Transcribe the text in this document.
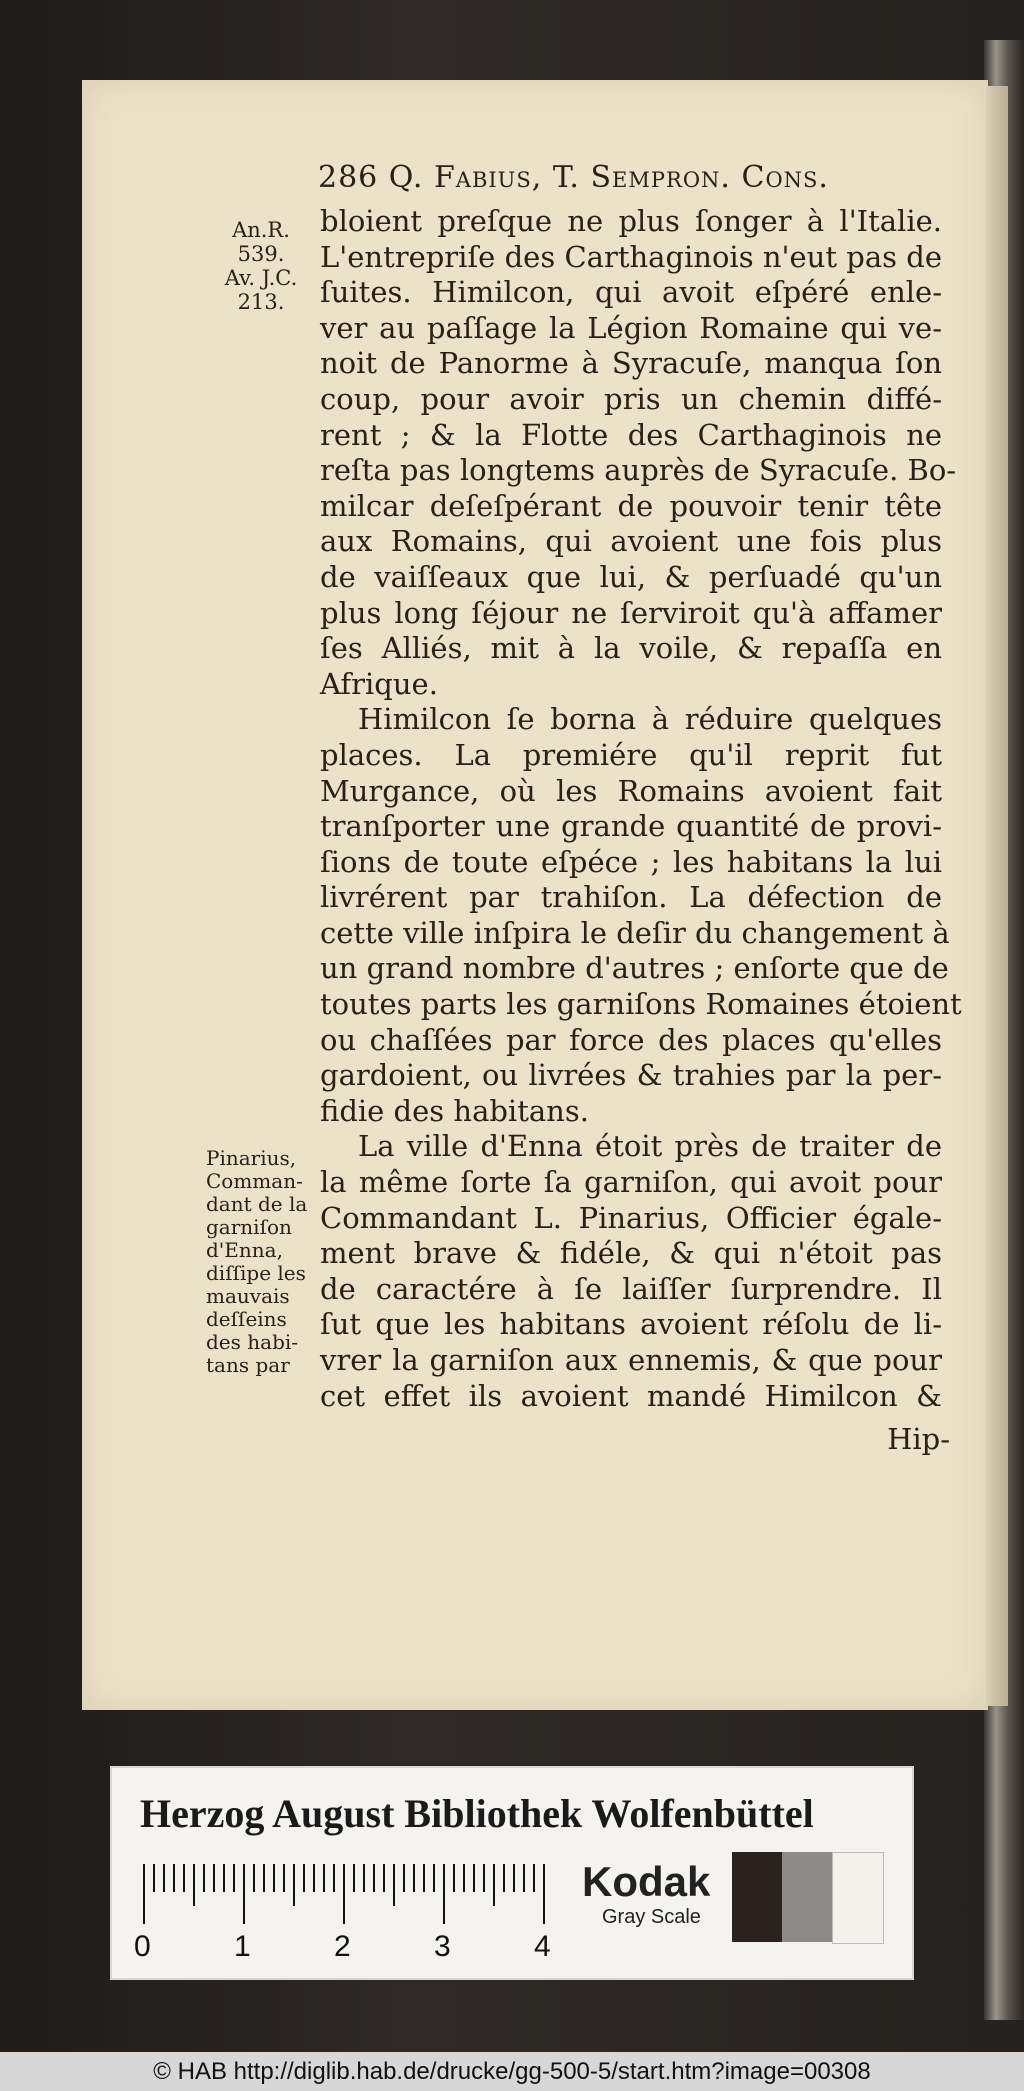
286 Q. Fabius, T. Sempron. Cons.
An.R.
539.
Av. J.C.
213.
bloient preſque ne plus ſonger à l'Italie.
L'entrepriſe des Carthaginois n'eut pas de
ſuites. Himilcon, qui avoit eſpéré enle-
ver au paſſage la Légion Romaine qui ve-
noit de Panorme à Syracuſe, manqua ſon
coup, pour avoir pris un chemin diffé-
rent ; & la Flotte des Carthaginois ne
reſta pas longtems auprès de Syracuſe. Bo-
milcar deſeſpérant de pouvoir tenir tête
aux Romains, qui avoient une fois plus
de vaiſſeaux que lui, & perſuadé qu'un
plus long ſéjour ne ſerviroit qu'à affamer
ſes Alliés, mit à la voile, & repaſſa en
Afrique.
Himilcon ſe borna à réduire quelques
places. La premiére qu'il reprit fut
Murgance, où les Romains avoient fait
tranſporter une grande quantité de provi-
ſions de toute eſpéce ; les habitans la lui
livrérent par trahiſon. La défection de
cette ville inſpira le deſir du changement à
un grand nombre d'autres ; enſorte que de
toutes parts les garniſons Romaines étoient
ou chaſſées par force des places qu'elles
gardoient, ou livrées & trahies par la per-
fidie des habitans.
La ville d'Enna étoit près de traiter de
la même ſorte ſa garniſon, qui avoit pour
Commandant L. Pinarius, Officier égale-
ment brave & fidéle, & qui n'étoit pas
de caractére à ſe laiſſer ſurprendre. Il
ſut que les habitans avoient réſolu de li-
vrer la garniſon aux ennemis, & que pour
cet effet ils avoient mandé Himilcon &
Hip-
Pinarius,
Comman-
dant de la
garniſon
d'Enna,
diſſipe les
mauvais
deſſeins
des habi-
tans par
Herzog August Bibliothek Wolfenbüttel
0	1	2	3	4
Kodak
Gray Scale
© HAB http://diglib.hab.de/drucke/gg-500-5/start.htm?image=00308
